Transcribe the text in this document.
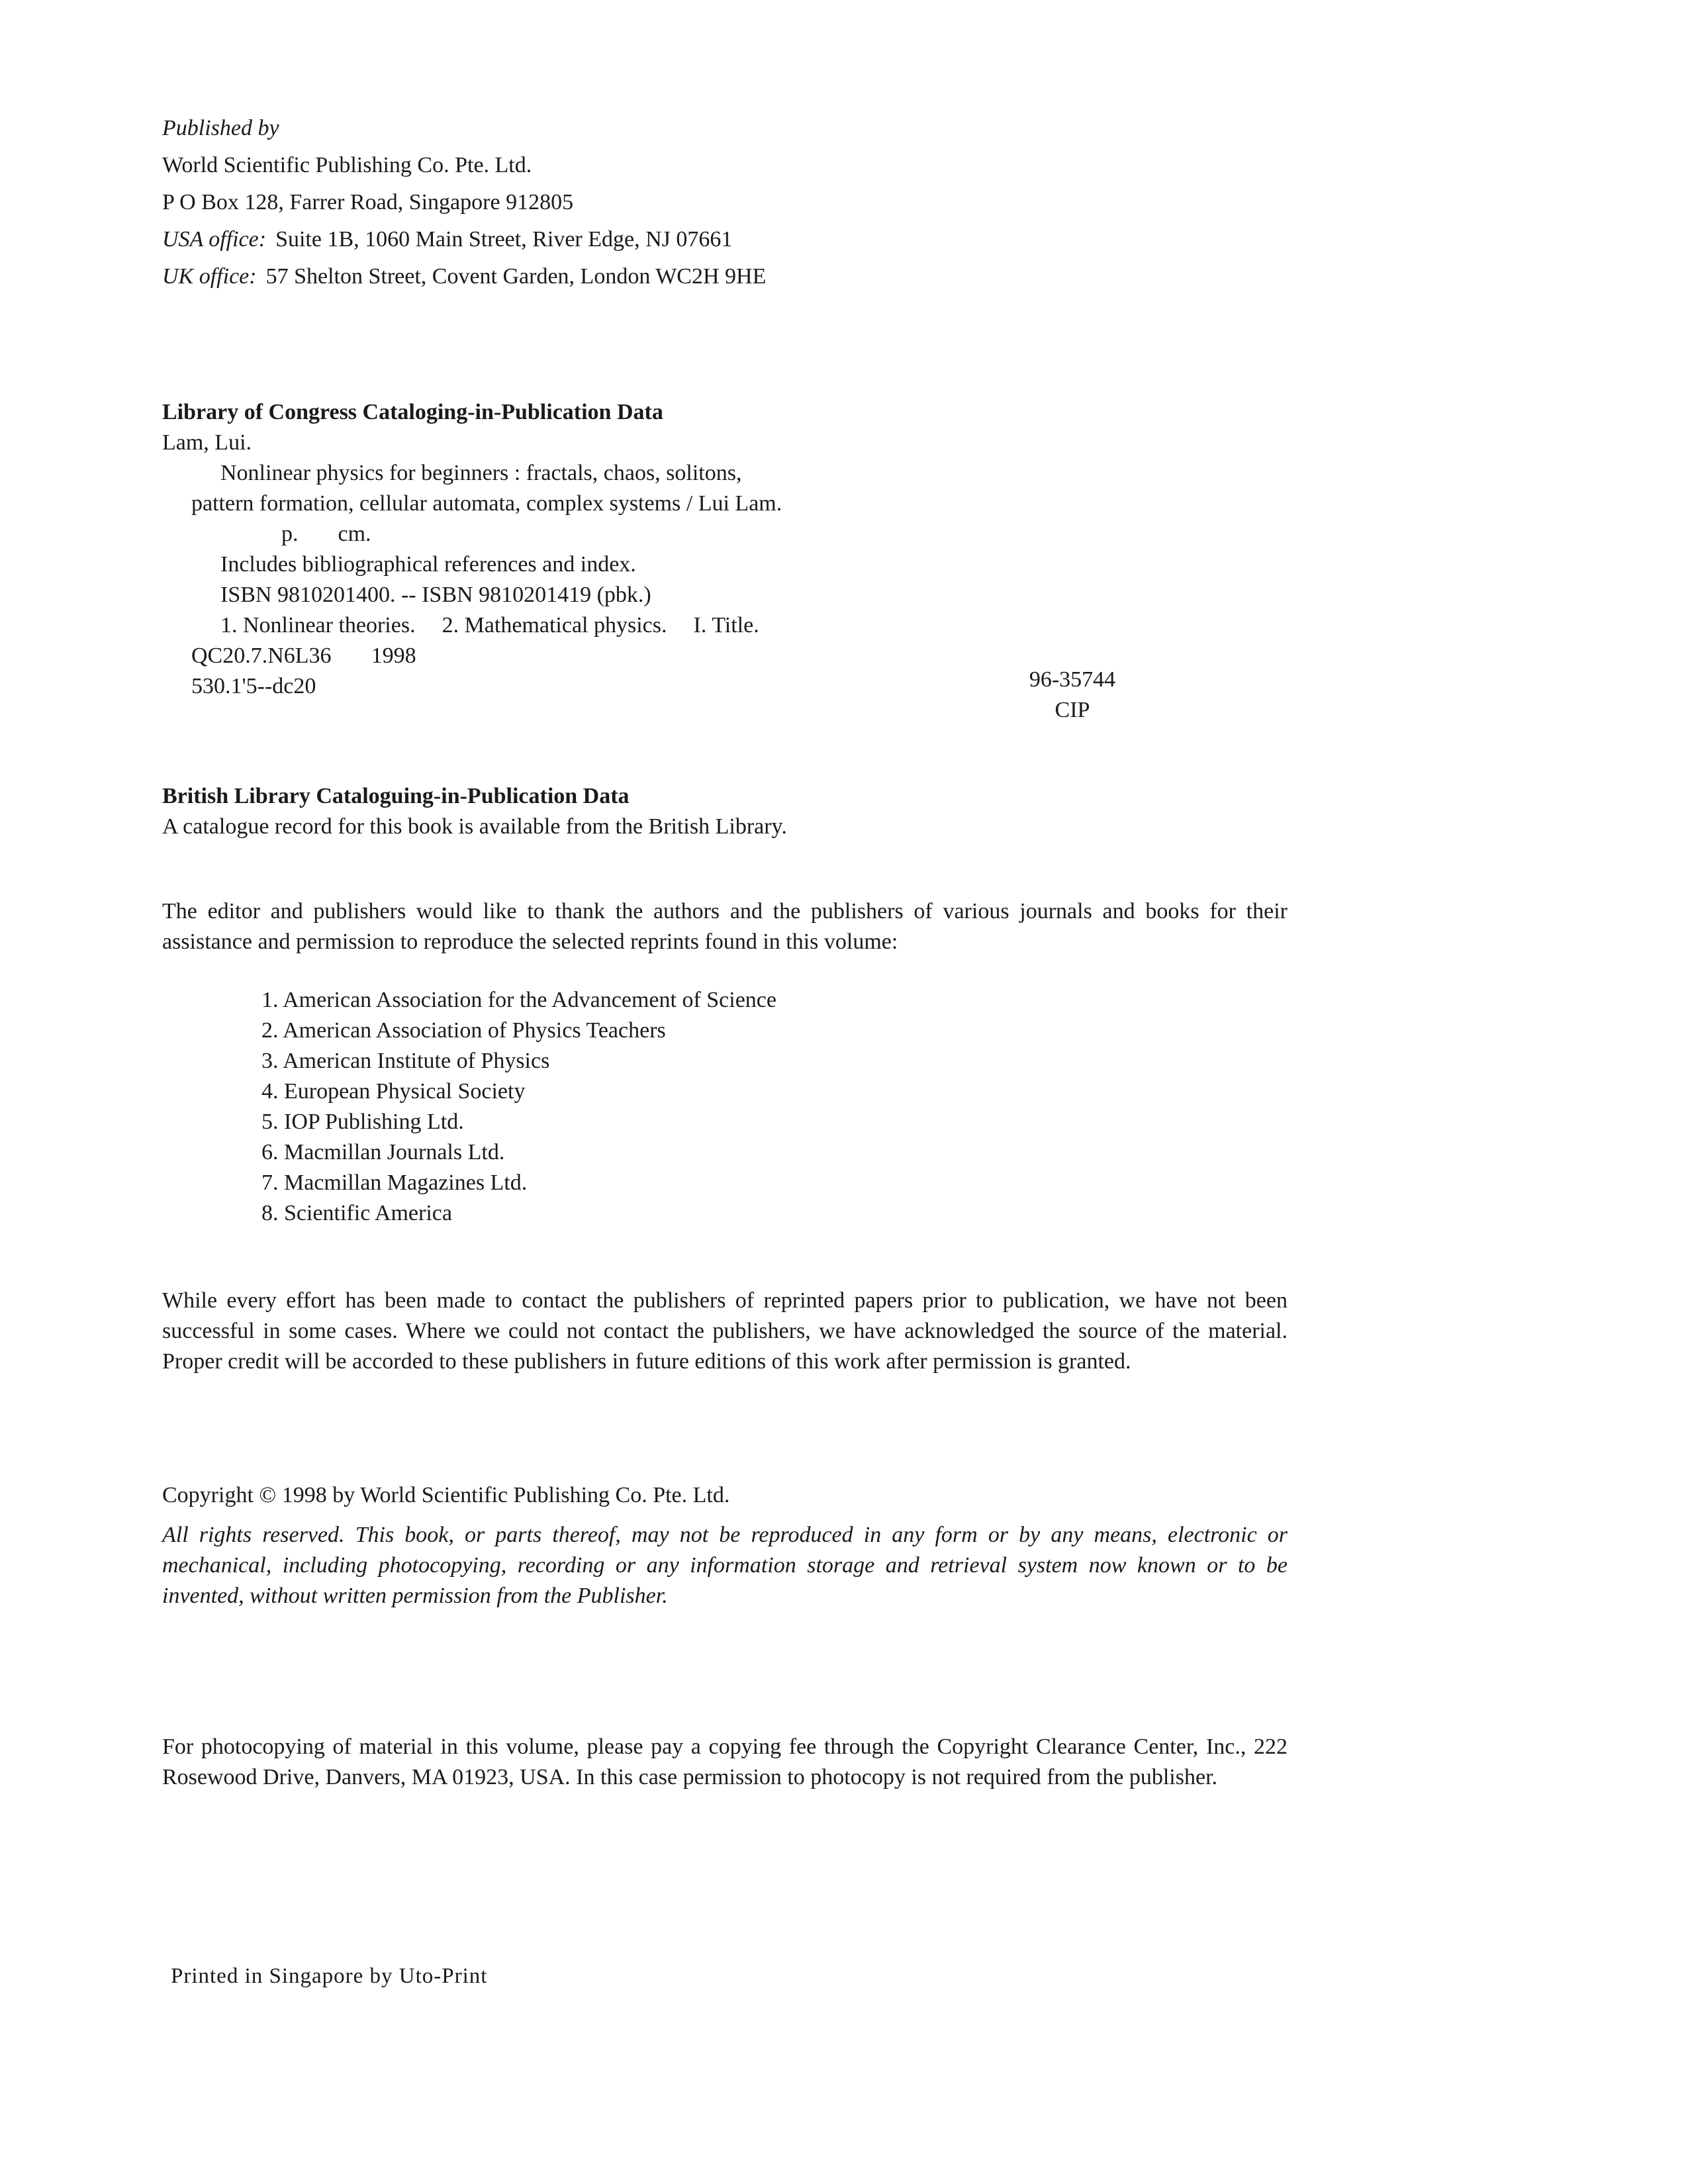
Published by
World Scientific Publishing Co. Pte. Ltd.
P O Box 128, Farrer Road, Singapore 912805
USA office: Suite 1B, 1060 Main Street, River Edge, NJ 07661
UK office: 57 Shelton Street, Covent Garden, London WC2H 9HE
Library of Congress Cataloging-in-Publication Data
Lam, Lui.
Nonlinear physics for beginners : fractals, chaos, solitons,
pattern formation, cellular automata, complex systems / Lui Lam.
p. cm.
Includes bibliographical references and index.
ISBN 9810201400. -- ISBN 9810201419 (pbk.)
1. Nonlinear theories. 2. Mathematical physics. I. Title.
QC20.7.N6L36 1998
530.1'5--dc20	96-35744
CIP
British Library Cataloguing-in-Publication Data
A catalogue record for this book is available from the British Library.
The editor and publishers would like to thank the authors and the publishers of various journals and books for their assistance and permission to reproduce the selected reprints found in this volume:
1. American Association for the Advancement of Science
2. American Association of Physics Teachers
3. American Institute of Physics
4. European Physical Society
5. IOP Publishing Ltd.
6. Macmillan Journals Ltd.
7. Macmillan Magazines Ltd.
8. Scientific America
While every effort has been made to contact the publishers of reprinted papers prior to publication, we have not been successful in some cases. Where we could not contact the publishers, we have acknowledged the source of the material. Proper credit will be accorded to these publishers in future editions of this work after permission is granted.
Copyright © 1998 by World Scientific Publishing Co. Pte. Ltd.
All rights reserved. This book, or parts thereof, may not be reproduced in any form or by any means, electronic or mechanical, including photocopying, recording or any information storage and retrieval system now known or to be invented, without written permission from the Publisher.
For photocopying of material in this volume, please pay a copying fee through the Copyright Clearance Center, Inc., 222 Rosewood Drive, Danvers, MA 01923, USA. In this case permission to photocopy is not required from the publisher.
Printed in Singapore by Uto-Print
